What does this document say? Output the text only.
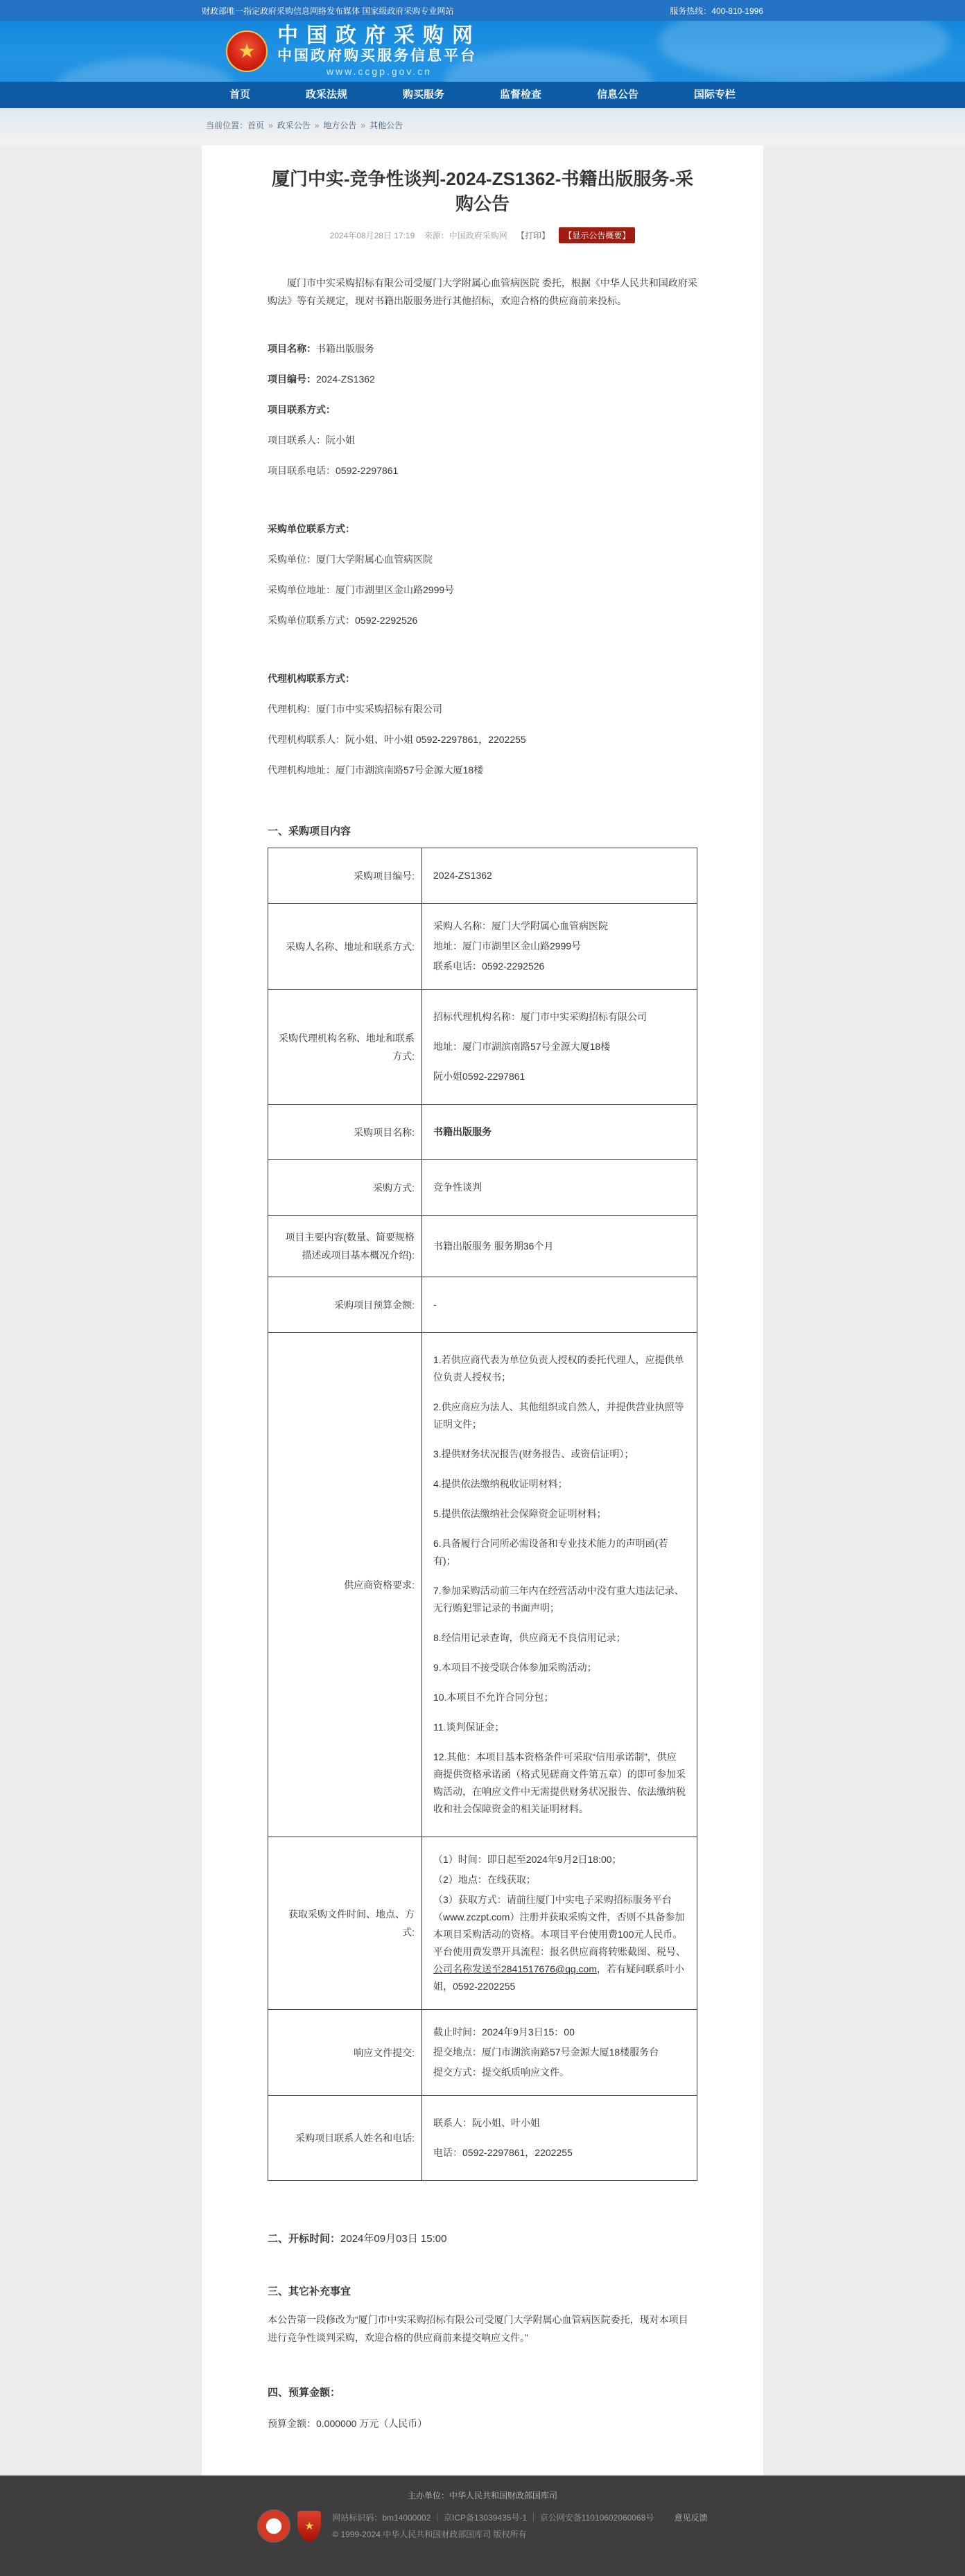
财政部唯一指定政府采购信息网络发布媒体 国家级政府采购专业网站	服务热线：400-810-1996
★
中国政府采购网
中国政府购买服务信息平台
www.ccgp.gov.cn
首页	政采法规	购买服务	监督检查	信息公告	国际专栏
当前位置：首页 » 政采公告 » 地方公告 » 其他公告
厦门中实-竞争性谈判-2024-ZS1362-书籍出版服务-采购公告
2024年08月28日 17:19 来源：中国政府采购网 【打印】 【显示公告概要】

厦门市中实采购招标有限公司受厦门大学附属心血管病医院 委托，根据《中华人民共和国政府采购法》等有关规定，现对书籍出版服务进行其他招标，欢迎合格的供应商前来投标。

项目名称：书籍出版服务

项目编号：2024-ZS1362

项目联系方式：

项目联系人：阮小姐

项目联系电话：0592-2297861

采购单位联系方式：

采购单位：厦门大学附属心血管病医院

采购单位地址：厦门市湖里区金山路2999号

采购单位联系方式：0592-2292526

代理机构联系方式：

代理机构：厦门市中实采购招标有限公司

代理机构联系人：阮小姐、叶小姐 0592-2297861，2202255

代理机构地址：厦门市湖滨南路57号金源大厦18楼

一、采购项目内容
采购项目编号:	2024-ZS1362

采购人名称、地址和联系方式:	采购人名称：厦门大学附属心血管病医院

地址：厦门市湖里区金山路2999号

联系电话：0592-2292526

采购代理机构名称、地址和联系方式:	招标代理机构名称：厦门市中实采购招标有限公司

地址：厦门市湖滨南路57号金源大厦18楼

阮小姐0592-2297861

采购项目名称:	书籍出版服务

采购方式:	竞争性谈判

项目主要内容(数量、简要规格描述或项目基本概况介绍):	书籍出版服务 服务期36个月

采购项目预算金额:	-

供应商资格要求:	

1.若供应商代表为单位负责人授权的委托代理人，应提供单位负责人授权书；

2.供应商应为法人、其他组织或自然人，并提供营业执照等证明文件；

3.提供财务状况报告(财务报告、或资信证明）；

4.提供依法缴纳税收证明材料；

5.提供依法缴纳社会保障资金证明材料；

6.具备履行合同所必需设备和专业技术能力的声明函(若有)；

7.参加采购活动前三年内在经营活动中没有重大违法记录、无行贿犯罪记录的书面声明；

8.经信用记录查询，供应商无不良信用记录；

9.本项目不接受联合体参加采购活动；

10.本项目不允许合同分包；

11.谈判保证金；

12.其他：本项目基本资格条件可采取“信用承诺制”，供应商提供资格承诺函（格式见磋商文件第五章）的即可参加采购活动，在响应文件中无需提供财务状况报告、依法缴纳税收和社会保障资金的相关证明材料。

获取采购文件时间、地点、方式:	（1）时间：即日起至2024年9月2日18:00；

（2）地点：在线获取；

（3）获取方式：请前往厦门中实电子采购招标服务平台（www.zczpt.com）注册并获取采购文件，否则不具备参加本项目采购活动的资格。本项目平台使用费100元人民币。平台使用费发票开具流程：报名供应商将转账截图、税号、公司名称发送至2841517676@qq.com，若有疑问联系叶小姐，0592-2202255

响应文件提交:	截止时间：2024年9月3日15：00

提交地点：厦门市湖滨南路57号金源大厦18楼服务台

提交方式：提交纸质响应文件。

采购项目联系人姓名和电话:	联系人：阮小姐、叶小姐

电话：0592-2297861，2202255

二、开标时间：2024年09月03日 15:00
三、其它补充事宜

本公告第一段修改为“厦门市中实采购招标有限公司受厦门大学附属心血管病医院委托，现对本项目进行竞争性谈判采购，欢迎合格的供应商前来提交响应文件。”

四、预算金额：

预算金额：0.000000 万元（人民币）

主办单位：中华人民共和国财政部国库司
★
网站标识码：bm14000002 ｜ 京ICP备13039435号-1 ｜ 京公网安备11010602060068号 意见反馈
© 1999-2024 中华人民共和国财政部国库司 版权所有
